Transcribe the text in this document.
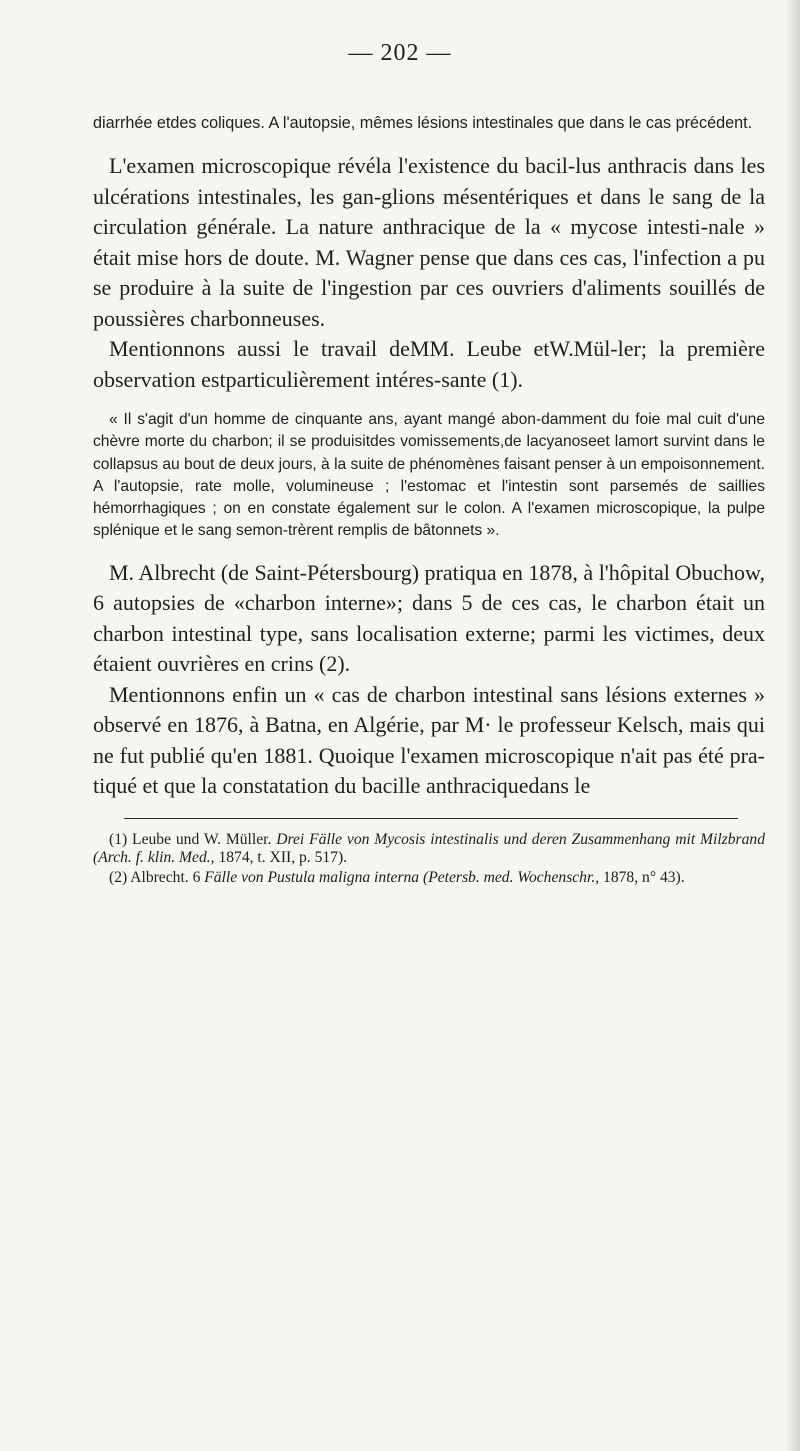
— 202 —

diarrhée etdes coliques. A l'autopsie, mêmes lésions intestinales que dans le cas précédent.

L'examen microscopique révéla l'existence du bacil-lus anthracis dans les ulcérations intestinales, les gan-glions mésentériques et dans le sang de la circulation générale. La nature anthracique de la « mycose intesti-nale » était mise hors de doute. M. Wagner pense que dans ces cas, l'infection a pu se produire à la suite de l'ingestion par ces ouvriers d'aliments souillés de poussières charbonneuses.

Mentionnons aussi le travail deMM. Leube etW.Mül-ler; la première observation estparticulièrement intéres-sante (1).

« Il s'agit d'un homme de cinquante ans, ayant mangé abon-damment du foie mal cuit d'une chèvre morte du charbon; il se produisitdes vomissements,de lacyanoseet lamort survint dans le collapsus au bout de deux jours, à la suite de phénomènes faisant penser à un empoisonnement. A l'autopsie, rate molle, volumineuse ; l'estomac et l'intestin sont parsemés de saillies hémorrhagiques ; on en constate également sur le colon. A l'examen microscopique, la pulpe splénique et le sang semon-trèrent remplis de bâtonnets ».

M. Albrecht (de Saint-Pétersbourg) pratiqua en 1878, à l'hôpital Obuchow, 6 autopsies de «charbon interne»; dans 5 de ces cas, le charbon était un charbon intestinal type, sans localisation externe; parmi les victimes, deux étaient ouvrières en crins (2).

Mentionnons enfin un « cas de charbon intestinal sans lésions externes » observé en 1876, à Batna, en Algérie, par M· le professeur Kelsch, mais qui ne fut publié qu'en 1881. Quoique l'examen microscopique n'ait pas été pra-tiqué et que la constatation du bacille anthraciquedans le

(1) Leube und W. Müller. Drei Fälle von Mycosis intestinalis und deren Zusammenhang mit Milzbrand (Arch. f. klin. Med., 1874, t. XII, p. 517).

(2) Albrecht. 6 Fälle von Pustula maligna interna (Petersb. med. Wochenschr., 1878, n° 43).
